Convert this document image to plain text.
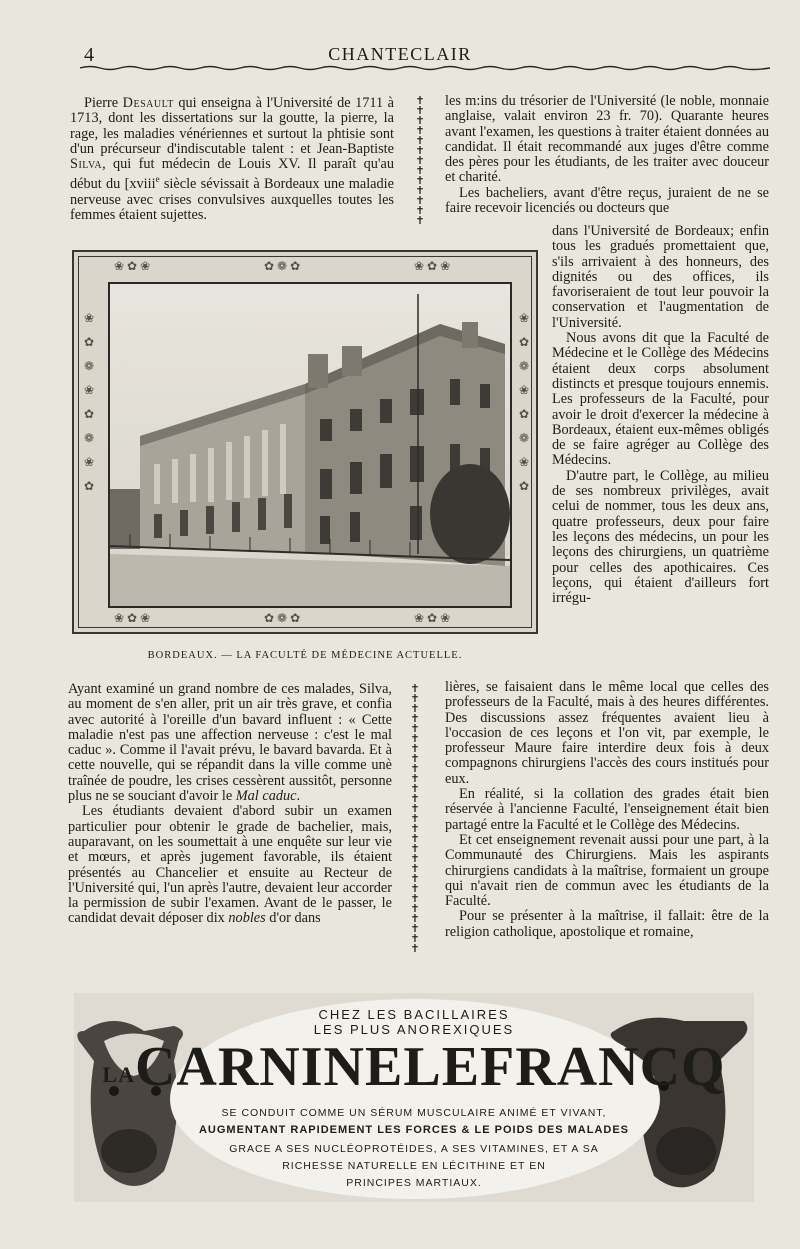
4	CHANTECLAIR

Pierre Desault qui enseigna à l'Université de 1711 à 1713, dont les dissertations sur la goutte, la pierre, la rage, les maladies vénériennes et surtout la phtisie sont d'un précurseur d'indiscutable talent : et Jean-Baptiste Silva, qui fut médecin de Louis XV. Il paraît qu'au début du [xviii$^e$ siècle sévissait à Bordeaux une maladie nerveuse avec crises convulsives auxquelles toutes les femmes étaient sujettes.

✝
✝
✝
✝
✝
✝
✝
✝
✝
✝
✝
✝
✝
✝
✝
✝
✝
✝
✝
✝
✝
✝
✝
✝
✝
✝
✝
✝
✝
✝
✝
✝
✝
✝
✝
✝
✝
✝
✝
✝
❀ ✿ ❀	✿ ❁ ✿	❀ ✿ ❀
❀ ✿ ❀	✿ ❁ ✿	❀ ✿ ❀
❀

✿

❁

❀

✿

❁

❀

✿
❀

✿

❁

❀

✿

❁

❀

✿
BORDEAUX. — LA FACULTÉ DE MÉDECINE ACTUELLE.

les m:ins du trésorier de l'Université (le noble, monnaie anglaise, valait environ 23 fr. 70). Quarante heures avant l'examen, les questions à traiter étaient données au candidat. Il était recommandé aux juges d'être comme des pères pour les étudiants, de les traiter avec douceur et charité.

Les bacheliers, avant d'être reçus, juraient de ne se faire recevoir licenciés ou docteurs que

dans l'Université de Bordeaux; enfin tous les gradués promettaient que, s'ils arrivaient à des honneurs, des dignités ou des offices, ils favoriseraient de tout leur pouvoir la conservation et l'augmentation de l'Université.

Nous avons dit que la Faculté de Médecine et le Collège des Médecins étaient deux corps absolument distincts et presque toujours ennemis. Les professeurs de la Faculté, pour avoir le droit d'exercer la médecine à Bordeaux, étaient eux-mêmes obligés de se faire agréger au Collège des Médecins.

D'autre part, le Collège, au milieu de ses nombreux privilèges, avait celui de nommer, tous les deux ans, quatre professeurs, deux pour faire les leçons des médecins, un pour les leçons des chirurgiens, un quatrième pour celles des apothicaires. Ces leçons, qui étaient d'ailleurs fort irrégu-

Ayant examiné un grand nombre de ces malades, Silva, au moment de s'en aller, prit un air très grave, et confia avec autorité à l'oreille d'un bavard influent : « Cette maladie n'est pas une affection nerveuse : c'est le mal caduc ». Comme il l'avait prévu, le bavard bavarda. Et à cette nouvelle, qui se répandit dans la ville comme unè traînée de poudre, les crises cessèrent aussitôt, personne plus ne se souciant d'avoir le Mal caduc.

Les étudiants devaient d'abord subir un examen particulier pour obtenir le grade de bachelier, mais, auparavant, on les soumettait à une enquête sur leur vie et mœurs, et après jugement favorable, ils étaient présentés au Chancelier et ensuite au Recteur de l'Université qui, l'un après l'autre, devaient leur accorder la permission de subir l'examen. Avant de le passer, le candidat devait déposer dix nobles d'or dans

lières, se faisaient dans le même local que celles des professeurs de la Faculté, mais à des heures différentes. Des discussions assez fréquentes avaient lieu à l'occasion de ces leçons et l'on vit, par exemple, le professeur Maure faire interdire deux fois à deux compagnons chirurgiens l'accès des cours institués pour eux.

En réalité, si la collation des grades était bien réservée à l'ancienne Faculté, l'enseignement était bien partagé entre la Faculté et le Collège des Médecins.

Et cet enseignement revenait aussi pour une part, à la Communauté des Chirurgiens. Mais les aspirants chirurgiens candidats à la maîtrise, formaient un groupe qui n'avait rien de commun avec les étudiants de la Faculté.

Pour se présenter à la maîtrise, il fallait: être de la religion catholique, apostolique et romaine,

CHEZ LES BACILLAIRES
LES PLUS ANOREXIQUES
LACARNINELEFRANCQ
SE CONDUIT COMME UN SÉRUM MUSCULAIRE ANIMÉ ET VIVANT,
AUGMENTANT RAPIDEMENT LES FORCES & LE POIDS DES MALADES
GRACE A SES NUCLÉOPROTÉIDES, A SES VITAMINES, ET A SA
RICHESSE NATURELLE EN LÉCITHINE ET EN
PRINCIPES MARTIAUX.
